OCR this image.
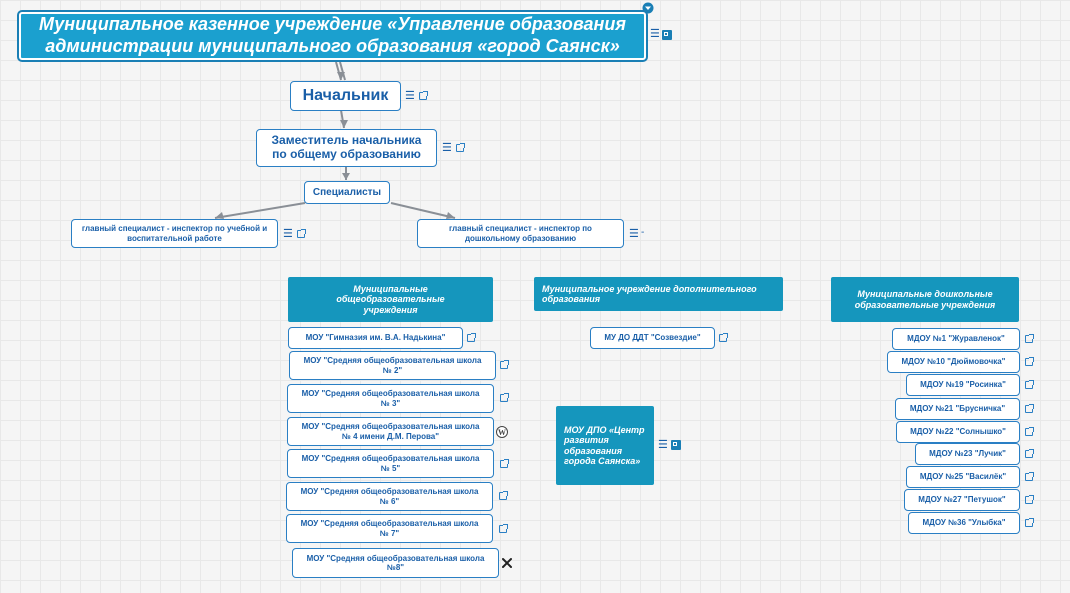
Муниципальное казенное учреждение «Управление образования администрации муниципального образования «город Саянск»
☰
Начальник ☰
Заместитель начальника по общему образованию	☰
Специалисты
главный специалист - инспектор по учебной и воспитательной работе	☰	главный специалист - инспектор по дошкольному образованию	☰ -
Муниципальные общеобразовательные учреждения
МОУ "Гимназия им. В.А. Надькина"
МОУ "Средняя общеобразовательная школа № 2"
МОУ "Средняя общеобразовательная школа № 3"
МОУ "Средняя общеобразовательная школа № 4 имени Д.М. Перова"	W
МОУ "Средняя общеобразовательная школа № 5"
МОУ "Средняя общеобразовательная школа № 6"
МОУ "Средняя общеобразовательная школа № 7"
МОУ "Средняя общеобразовательная школа №8"
Муниципальное учреждение дополнительного образования
МУ ДО ДДТ "Созвездие"
МОУ ДПО «Центр развития образования города Саянска»
☰
Муниципальные дошкольные образовательные учреждения
МДОУ №1 "Журавленок"
МДОУ №10 "Дюймовочка"
МДОУ №19 "Росинка"
МДОУ №21 "Брусничка"
МДОУ №22 "Солнышко"
МДОУ №23 "Лучик"
МДОУ №25 "Василёк"
МДОУ №27 "Петушок"
МДОУ №36 "Улыбка"
